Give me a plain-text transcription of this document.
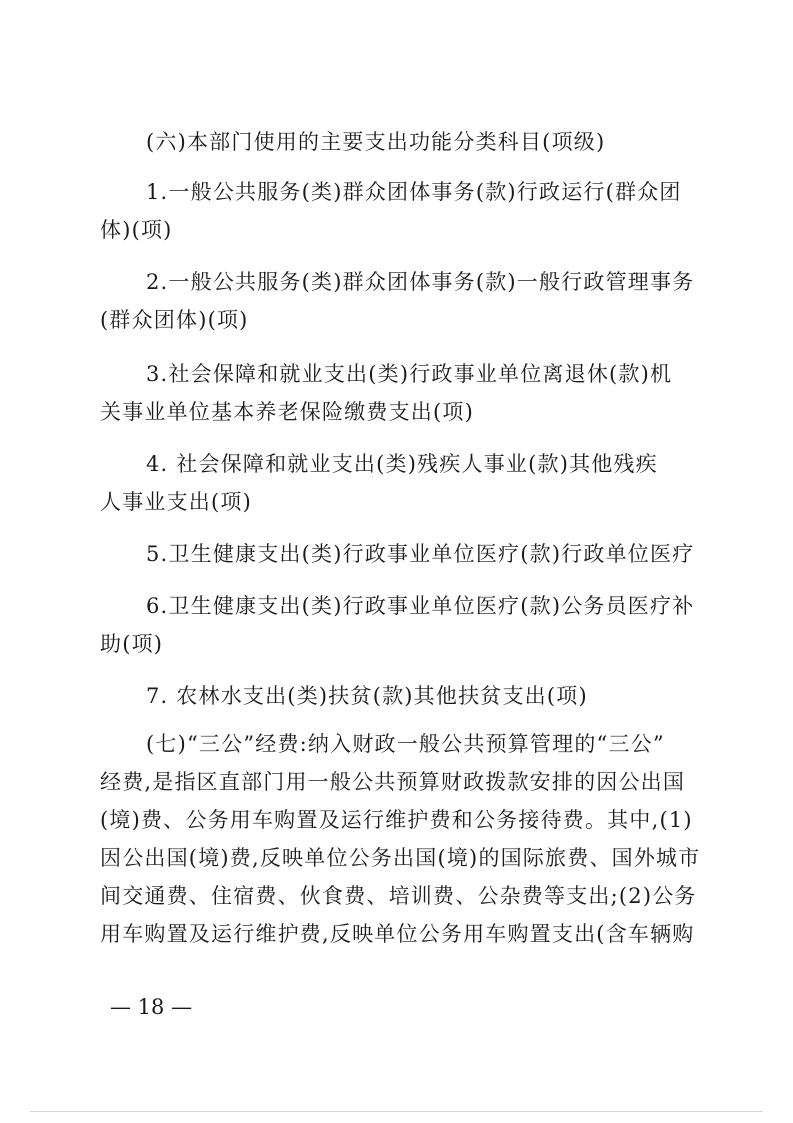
(六)本部门使用的主要支出功能分类科目(项级)
1.一般公共服务(类)群众团体事务(款)行政运行(群众团
体)(项)
2.一般公共服务(类)群众团体事务(款)一般行政管理事务
(群众团体)(项)
3.社会保障和就业支出(类)行政事业单位离退休(款)机
关事业单位基本养老保险缴费支出(项)
4. 社会保障和就业支出(类)残疾人事业(款)其他残疾
人事业支出(项)
5.卫生健康支出(类)行政事业单位医疗(款)行政单位医疗
6.卫生健康支出(类)行政事业单位医疗(款)公务员医疗补
助(项)
7. 农林水支出(类)扶贫(款)其他扶贫支出(项)
(七)“三公”经费:纳入财政一般公共预算管理的“三公”
经费,是指区直部门用一般公共预算财政拨款安排的因公出国
(境)费、公务用车购置及运行维护费和公务接待费。其中,(1)
因公出国(境)费,反映单位公务出国(境)的国际旅费、国外城市
间交通费、住宿费、伙食费、培训费、公杂费等支出;(2)公务
用车购置及运行维护费,反映单位公务用车购置支出(含车辆购
— 18 —
